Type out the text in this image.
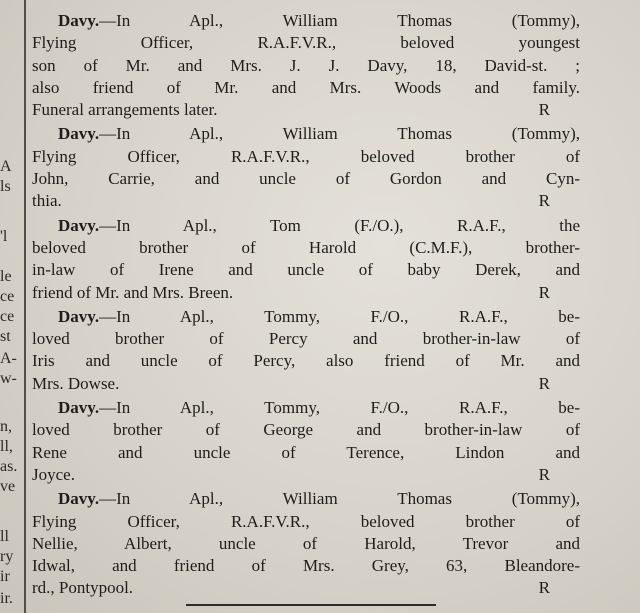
A
ls
'l
le
ce
ce
st
A-
w-
n,
ll,
as.
ve
ll
ry
ir
ir.
Davy.—In Apl., William Thomas (Tommy),
Flying Officer, R.A.F.V.R., beloved youngest
son of Mr. and Mrs. J. J. Davy, 18, David-st. ;
also friend of Mr. and Mrs. Woods and family.
Funeral arrangements later.	R
Davy.—In Apl., William Thomas (Tommy),
Flying Officer, R.A.F.V.R., beloved brother of
John, Carrie, and uncle of Gordon and Cyn-
thia.	R
Davy.—In Apl., Tom (F./O.), R.A.F., the
beloved brother of Harold (C.M.F.), brother-
in-law of Irene and uncle of baby Derek, and
friend of Mr. and Mrs. Breen.	R
Davy.—In Apl., Tommy, F./O., R.A.F., be-
loved brother of Percy and brother-in-law of
Iris and uncle of Percy, also friend of Mr. and
Mrs. Dowse.	R
Davy.—In Apl., Tommy, F./O., R.A.F., be-
loved brother of George and brother-in-law of
Rene and uncle of Terence, Lindon and
Joyce.	R
Davy.—In Apl., William Thomas (Tommy),
Flying Officer, R.A.F.V.R., beloved brother of
Nellie, Albert, uncle of Harold, Trevor and
Idwal, and friend of Mrs. Grey, 63, Bleandore-
rd., Pontypool.	R
